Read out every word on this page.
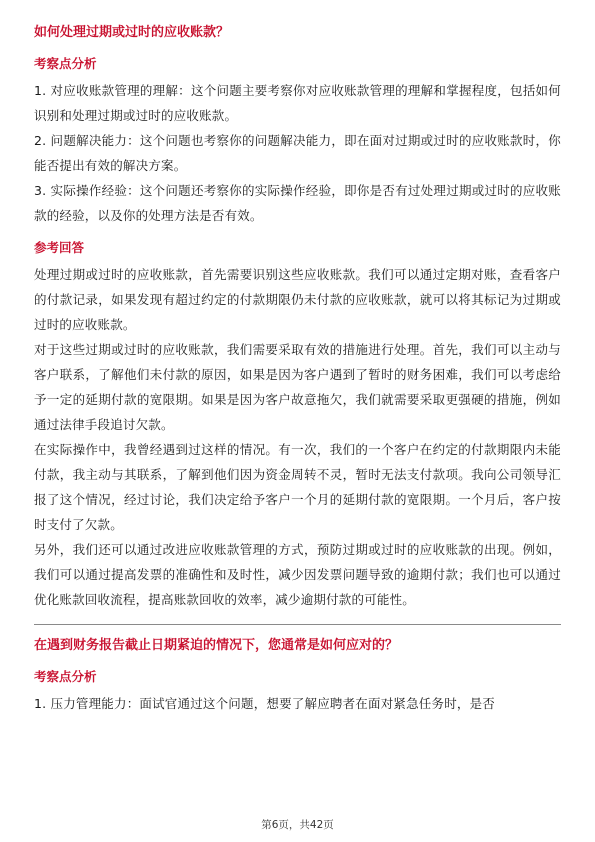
如何处理过期或过时的应收账款？
考察点分析

1. 对应收账款管理的理解：这个问题主要考察你对应收账款管理的理解和掌握程度，包括如何识别和处理过期或过时的应收账款。

2. 问题解决能力：这个问题也考察你的问题解决能力，即在面对过期或过时的应收账款时，你能否提出有效的解决方案。

3. 实际操作经验：这个问题还考察你的实际操作经验，即你是否有过处理过期或过时的应收账款的经验，以及你的处理方法是否有效。

参考回答

处理过期或过时的应收账款，首先需要识别这些应收账款。我们可以通过定期对账，查看客户的付款记录，如果发现有超过约定的付款期限仍未付款的应收账款，就可以将其标记为过期或过时的应收账款。

对于这些过期或过时的应收账款，我们需要采取有效的措施进行处理。首先，我们可以主动与客户联系，了解他们未付款的原因，如果是因为客户遇到了暂时的财务困难，我们可以考虑给予一定的延期付款的宽限期。如果是因为客户故意拖欠，我们就需要采取更强硬的措施，例如通过法律手段追讨欠款。

在实际操作中，我曾经遇到过这样的情况。有一次，我们的一个客户在约定的付款期限内未能付款，我主动与其联系，了解到他们因为资金周转不灵，暂时无法支付款项。我向公司领导汇报了这个情况，经过讨论，我们决定给予客户一个月的延期付款的宽限期。一个月后，客户按时支付了欠款。

另外，我们还可以通过改进应收账款管理的方式，预防过期或过时的应收账款的出现。例如，我们可以通过提高发票的准确性和及时性，减少因发票问题导致的逾期付款；我们也可以通过优化账款回收流程，提高账款回收的效率，减少逾期付款的可能性。

在遇到财务报告截止日期紧迫的情况下，您通常是如何应对的？
考察点分析

1. 压力管理能力：面试官通过这个问题，想要了解应聘者在面对紧急任务时，是否

第6页，共42页
